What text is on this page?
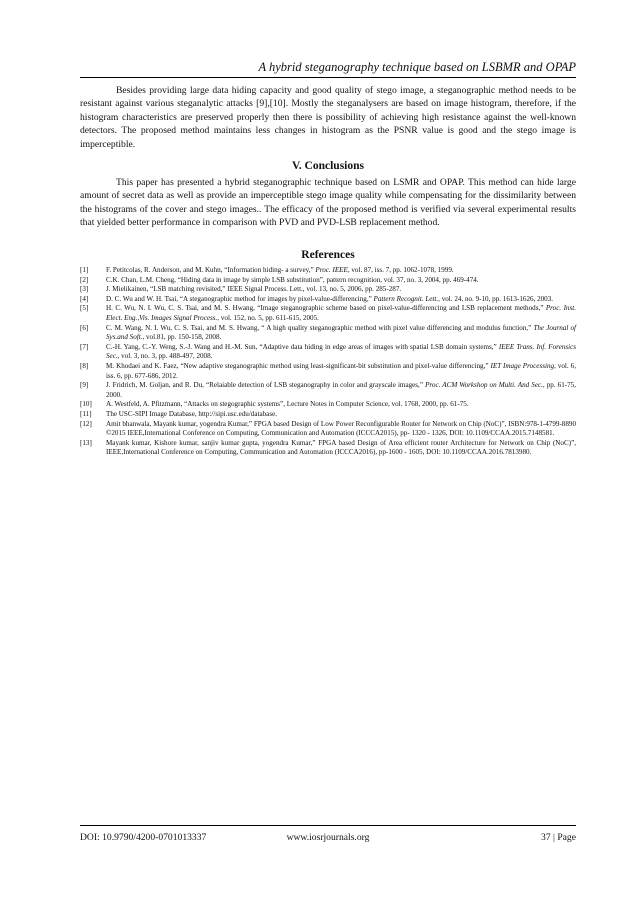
A hybrid steganography technique based on LSBMR and OPAP

Besides providing large data hiding capacity and good quality of stego image, a steganographic method needs to be resistant against various steganalytic attacks [9],[10]. Mostly the steganalysers are based on image histogram, therefore, if the histogram characteristics are preserved properly then there is possibility of achieving high resistance against the well-known detectors. The proposed method maintains less changes in histogram as the PSNR value is good and the stego image is imperceptible.

V. Conclusions

This paper has presented a hybrid steganographic technique based on LSMR and OPAP. This method can hide large amount of secret data as well as provide an imperceptible stego image quality while compensating for the dissimilarity between the histograms of the cover and stego images.. The efficacy of the proposed method is verified via several experimental results that yielded better performance in comparison with PVD and PVD-LSB replacement method.

References
[1]	F. Petitcolas, R. Anderson, and M. Kuhn, “Information hiding- a survey,” Proc. IEEE, vol. 87, iss. 7, pp. 1062-1078, 1999.
[2]	C.K. Chan, L.M. Cheng, “Hiding data in image by simple LSB substitution”, pattern recognition, vol. 37, no. 3, 2004, pp. 469-474.
[3]	J. Mielikainen, “LSB matching revisited,” IEEE Signal Process. Lett., vol. 13, no. 5, 2006, pp. 285-287.
[4]	D. C. Wu and W. H. Tsai, “A steganographic method for images by pixel-value-differencing,” Pattern Recognit. Lett., vol. 24, no. 9-10, pp. 1613-1626, 2003.
[5]	H. C. Wu, N. I. Wu, C. S. Tsai, and M. S. Hwang, “Image steganographic scheme based on pixel-value-differencing and LSB replacement methods,” Proc. Inst. Elect. Eng.,Vis. Images Signal Process., vol. 152, no. 5, pp. 611-615, 2005.
[6]	C. M. Wang, N. I. Wu, C. S. Tsai, and M. S. Hwang, “ A high quality steganographic method with pixel value differencing and modulus function,” The Journal of Sys.and Soft., vol.81, pp. 150-158, 2008.
[7]	C.-H. Yang, C.-Y. Weng, S.-J. Wang and H.-M. Sun, “Adaptive data hiding in edge areas of images with spatial LSB domain systems,” IEEE Trans. Inf. Forensics Sec., vol. 3, no. 3, pp. 488-497, 2008.
[8]	M. Khodaei and K. Faez, “New adaptive steganographic method using least-significant-bit substitution and pixel-value differencing,” IET Image Processing, vol. 6, iss. 6, pp. 677-686, 2012.
[9]	J. Fridrich, M. Goljan, and R. Du, “Relaiable detection of LSB steganography in color and grayscale images,” Proc. ACM Workshop on Multi. And Sec., pp. 61-75, 2000.
[10]	A. Westfeld, A. Pfitzmann, “Attacks on stegographic systems”, Lecture Notes in Computer Science, vol. 1768, 2000, pp. 61-75.
[11]	The USC-SIPI Image Database, http://sipi.usc.edu/database.
[12]	Amit bhanwala, Mayank kumar, yogendra Kumar,” FPGA based Design of Low Power Reconfigurable Router for Network on Chip (NoC)”, ISBN:978-1-4799-8890 ©2015 IEEE,International Conference on Computing, Communication and Automation (ICCCA2015), pp- 1320 - 1326, DOI: 10.1109/CCAA.2015.7148581.
[13]	Mayank kumar, Kishore kumar, sanjiv kumar gupta, yogendra Kumar,” FPGA based Design of Area efficient router Architecture for Network on Chip (NoC)”, IEEE,International Conference on Computing, Communication and Automation (ICCCA2016), pp-1600 - 1605, DOI: 10.1109/CCAA.2016.7813980.
DOI: 10.9790/4200-0701013337	www.iosrjournals.org	37 | Page
